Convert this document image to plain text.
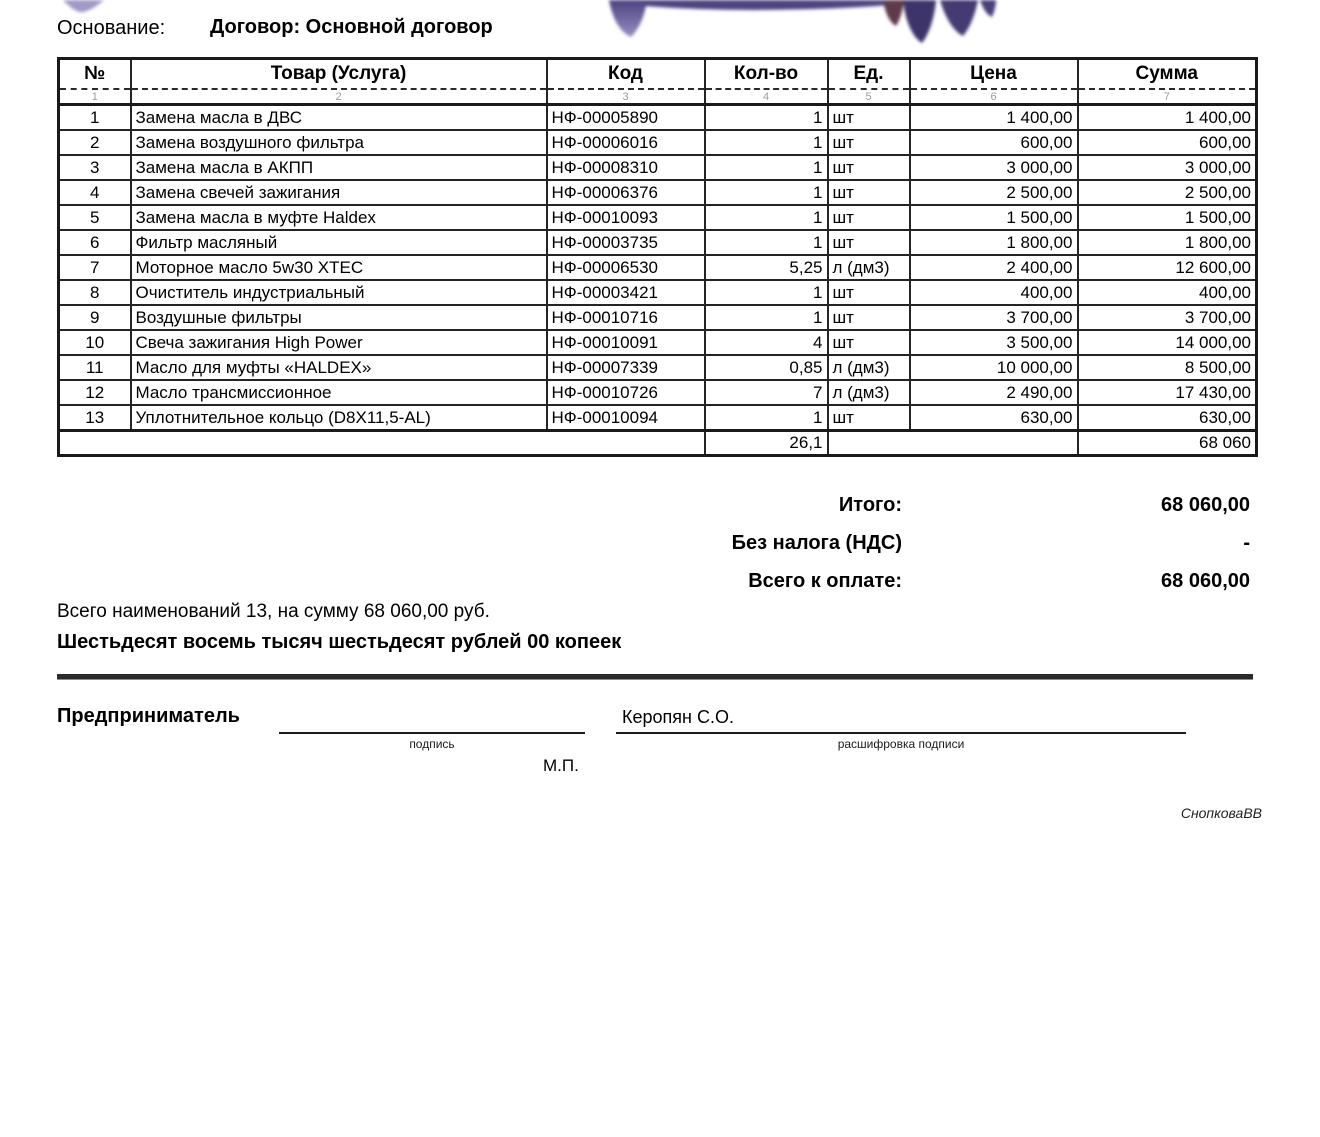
Основание: Договор: Основной договор
№	Товар (Услуга)	Код	Кол-во	Ед.	Цена	Сумма
1	2	3	4	5	6	7
1	Замена масла в ДВС	НФ-00005890	1	шт	1 400,00	1 400,00
2	Замена воздушного фильтра	НФ-00006016	1	шт	600,00	600,00
3	Замена масла в АКПП	НФ-00008310	1	шт	3 000,00	3 000,00
4	Замена свечей зажигания	НФ-00006376	1	шт	2 500,00	2 500,00
5	Замена масла в муфте Haldex	НФ-00010093	1	шт	1 500,00	1 500,00
6	Фильтр масляный	НФ-00003735	1	шт	1 800,00	1 800,00
7	Моторное масло 5w30 XTEC	НФ-00006530	5,25	л (дм3)	2 400,00	12 600,00
8	Очиститель индустриальный	НФ-00003421	1	шт	400,00	400,00
9	Воздушные фильтры	НФ-00010716	1	шт	3 700,00	3 700,00
10	Свеча зажигания High Power	НФ-00010091	4	шт	3 500,00	14 000,00
11	Масло для муфты «HALDEX»	НФ-00007339	0,85	л (дм3)	10 000,00	8 500,00
12	Масло трансмиссионное	НФ-00010726	7	л (дм3)	2 490,00	17 430,00
13	Уплотнительное кольцо (D8X11,5-AL)	НФ-00010094	1	шт	630,00	630,00
			26,1			68 060
Итого:	68 060,00
Без налога (НДС)	-
Всего к оплате:	68 060,00
Всего наименований 13, на сумму 68 060,00 руб.
Шестьдесят восемь тысяч шестьдесят рублей 00 копеек
Предприниматель	Керопян С.О.
подпись	расшифровка подписи
М.П.
СнопковаВВ
